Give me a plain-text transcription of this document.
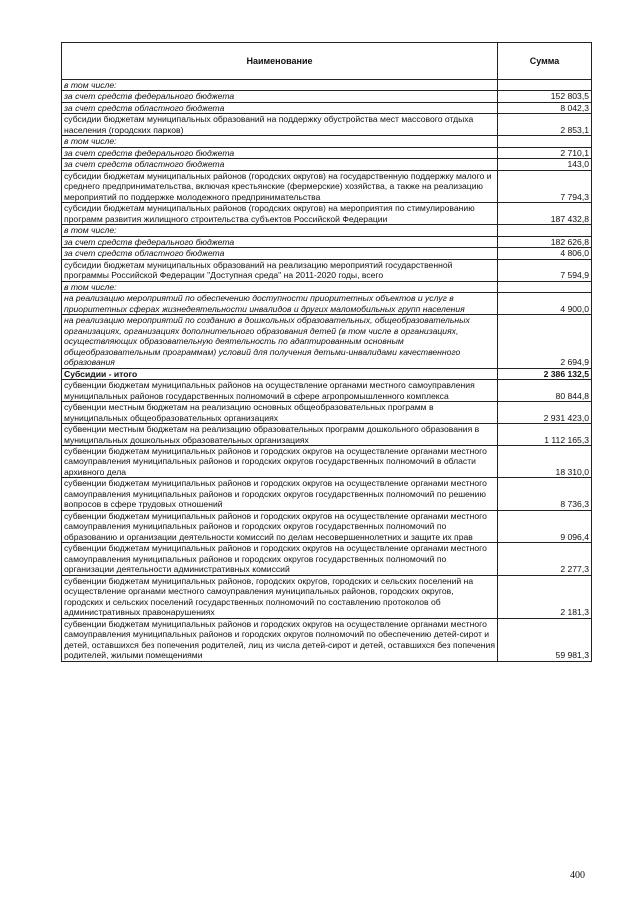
Наименование	Сумма
в том числе:	
за счет средств федерального бюджета	152 803,5
за счет средств областного бюджета	8 042,3
субсидии бюджетам муниципальных образований на поддержку обустройства мест массового отдыха населения (городских парков)	2 853,1
в том числе:	
за счет средств федерального бюджета	2 710,1
за счет средств областного бюджета	143,0
субсидии бюджетам муниципальных районов (городских округов) на государственную поддержку малого и среднего предпринимательства, включая крестьянские (фермерские) хозяйства, а также на реализацию мероприятий по поддержке молодежного предпринимательства	7 794,3
субсидии бюджетам муниципальных районов (городских округов) на мероприятия по стимулированию программ развития жилищного строительства субъектов Российской Федерации	187 432,8
в том числе:	
за счет средств федерального бюджета	182 626,8
за счет средств областного бюджета	4 806,0
субсидии бюджетам муниципальных образований на реализацию мероприятий государственной программы Российской Федерации "Доступная среда" на 2011-2020 годы, всего	7 594,9
в том числе:	
на реализацию мероприятий по обеспечению доступности приоритетных объектов и услуг в приоритетных сферах жизнедеятельности инвалидов и других маломобильных групп населения	4 900,0
на реализацию мероприятий по созданию в дошкольных образовательных, общеобразовательных организациях, организациях дополнительного образования детей (в том числе в организациях, осуществляющих образовательную деятельность по адаптированным основным общеобразовательным программам) условий для получения детьми-инвалидами качественного образования	2 694,9
Субсидии - итого	2 386 132,5
субвенции бюджетам муниципальных районов на осуществление органами местного самоуправления муниципальных районов государственных полномочий в сфере агропромышленного комплекса	80 844,8
субвенции местным бюджетам на реализацию основных общеобразовательных программ в муниципальных общеобразовательных организациях	2 931 423,0
субвенции местным бюджетам на реализацию образовательных программ дошкольного образования в муниципальных дошкольных образовательных организациях	1 112 165,3
субвенции бюджетам муниципальных районов и городских округов на осуществление органами местного самоуправления муниципальных районов и городских округов государственных полномочий в области архивного дела	18 310,0
субвенции бюджетам муниципальных районов и городских округов на осуществление органами местного самоуправления муниципальных районов и городских округов государственных полномочий по решению вопросов в сфере трудовых отношений	8 736,3
субвенции бюджетам муниципальных районов и городских округов на осуществление органами местного самоуправления муниципальных районов и городских округов государственных полномочий по образованию и организации деятельности комиссий по делам несовершеннолетних и защите их прав	9 096,4
субвенции бюджетам муниципальных районов и городских округов на осуществление органами местного самоуправления муниципальных районов и городских округов государственных полномочий по организации деятельности административных комиссий	2 277,3
субвенции бюджетам муниципальных районов, городских округов, городских и сельских поселений на осуществление органами местного самоуправления муниципальных районов, городских округов, городских и сельских поселений государственных полномочий по составлению протоколов об административных правонарушениях	2 181,3
субвенции бюджетам муниципальных районов и городских округов на осуществление органами местного самоуправления муниципальных районов и городских округов полномочий по обеспечению детей-сирот и детей, оставшихся без попечения родителей, лиц из числа детей-сирот и детей, оставшихся без попечения родителей, жилыми помещениями	59 981,3
400
